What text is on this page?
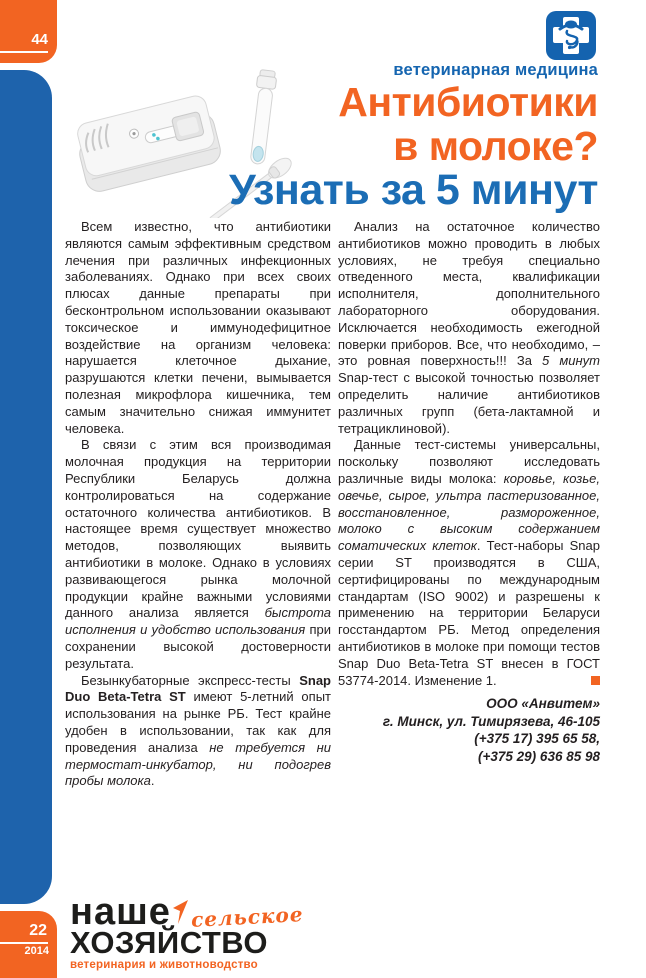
44
22
2014
ветеринарная медицина
Антибиотики
в молоке?
Узнать за 5 минут

Всем известно, что антибиотики являются самым эффективным средством лечения при различных инфекционных заболеваниях. Однако при всех своих плюсах данные препараты при бесконтрольном использовании оказывают токсическое и иммунодефицитное воздействие на организм человека: нарушается клеточное дыхание, разрушаются клетки печени, вымывается полезная микрофлора кишечника, тем самым значительно снижая иммунитет человека.

В связи с этим вся производимая молочная продукция на территории Республики Беларусь должна контролироваться на содержание остаточного количества антибиотиков. В настоящее время существует множество методов, позволяющих выявить антибиотики в молоке. Однако в условиях развивающегося рынка молочной продукции крайне важными условиями данного анализа является быстрота исполнения и удобство использования при сохранении высокой достоверности результата.

Безынкубаторные экспресс-тесты Snap Duo Beta-Tetra ST имеют 5-летний опыт использования на рынке РБ. Тест крайне удобен в использовании, так как для проведения анализа не требуется ни термостат-инкубатор, ни подогрев пробы молока.

Анализ на остаточное количество антибиотиков можно проводить в любых условиях, не требуя специально отведенного места, квалификации исполнителя, дополнительного лабораторного оборудования. Исключается необходимость ежегодной поверки приборов. Все, что необходимо, – это ровная поверхность!!! За 5 минут Snap-тест с высокой точностью позволяет определить наличие антибиотиков различных групп (бета-лактамной и тетрациклиновой).

Данные тест-системы универсальны, поскольку позволяют исследовать различные виды молока: коровье, козье, овечье, сырое, ультра пастеризованное, восстановленное, размороженное, молоко с высоким содержанием соматических клеток. Тест-наборы Snap серии ST производятся в США, сертифицированы по международным стандартам (ISO 9002) и разрешены к применению на территории Беларуси госстандартом РБ. Метод определения антибиотиков в молоке при помощи тестов Snap Duo Beta-Tetra ST внесен в ГОСТ 53774-2014. Изменение 1.

ООО «Анвитем»
г. Минск, ул. Тимирязева, 46-105
(+375 17) 395 65 58,
(+375 29) 636 85 98
наше сельское
ХОЗЯЙСТВО
ветеринария и животноводство
